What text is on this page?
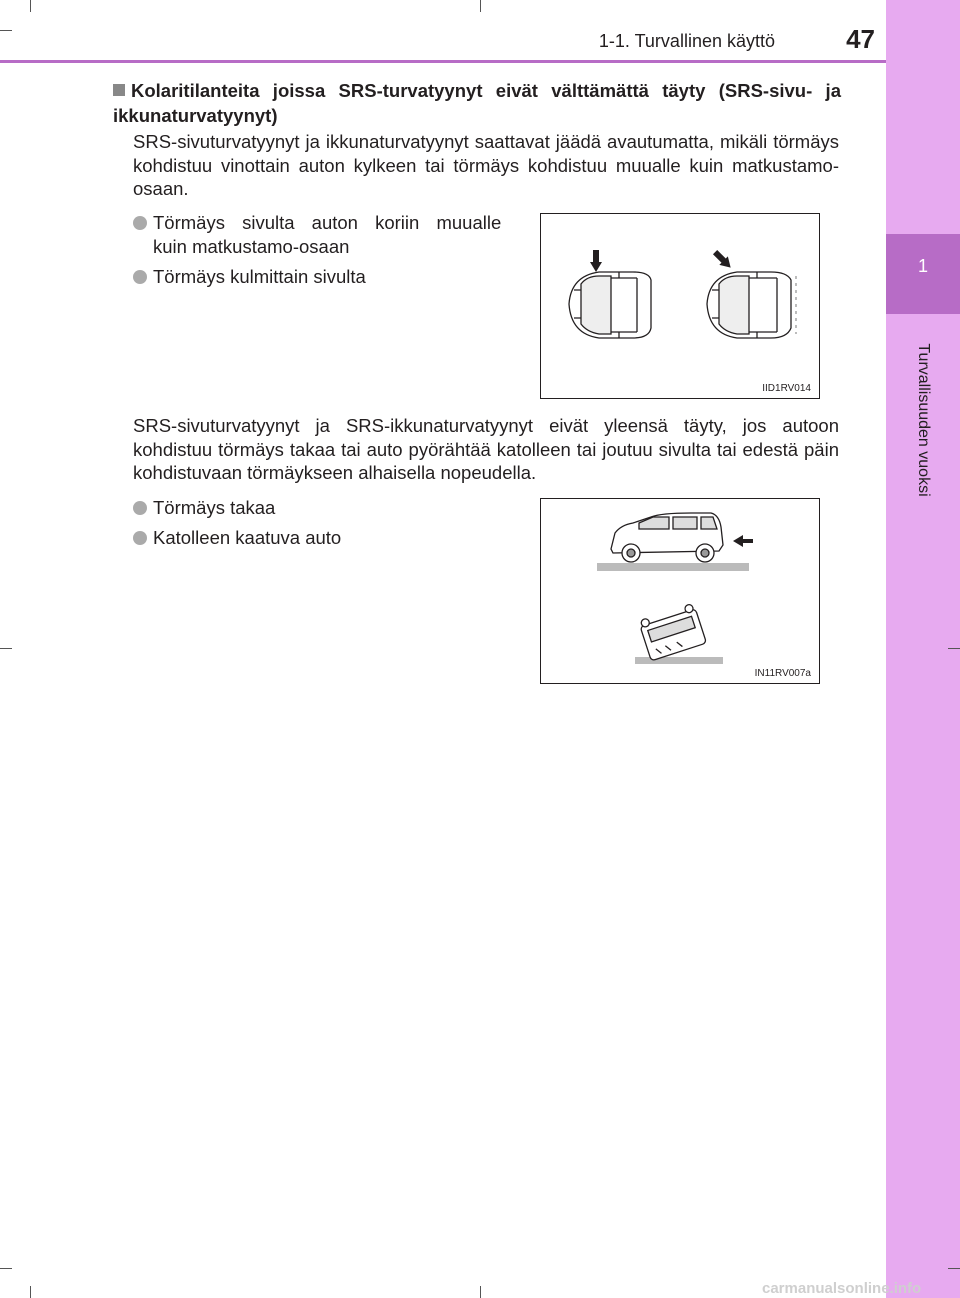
1
Turvallisuuden vuoksi
1-1. Turvallinen käyttö	47
Kolaritilanteita joissa SRS-turvatyynyt eivät välttämättä täyty (SRS-sivu- ja ikkunaturvatyynyt)
SRS-sivuturvatyynyt ja ikkunaturvatyynyt saattavat jäädä avautumatta, mikäli törmäys kohdistuu vinottain auton kylkeen tai törmäys kohdistuu muualle kuin matkustamo-osaan.
Törmäys sivulta auton koriin muualle
kuin matkustamo-osaan
Törmäys kulmittain sivulta
IID1RV014
SRS-sivuturvatyynyt ja SRS-ikkunaturvatyynyt eivät yleensä täyty, jos autoon kohdistuu törmäys takaa tai auto pyörähtää katolleen tai joutuu sivulta tai edestä päin kohdistuvaan törmäykseen alhaisella nopeudella.
Törmäys takaa
Katolleen kaatuva auto
IN11RV007a
carmanualsonline.info
